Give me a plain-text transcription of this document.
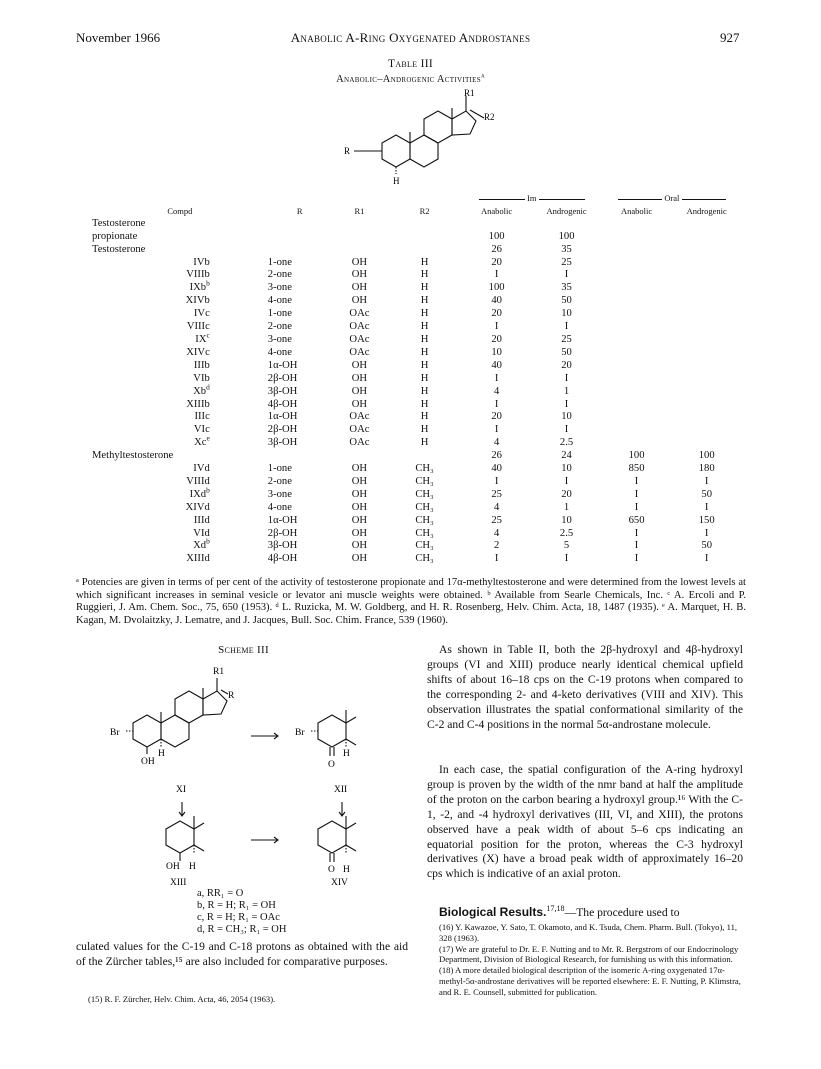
November 1966	Anabolic A-Ring Oxygenated Androstanes	927
Table III
Anabolic–Androgenic Activities$^a$
R1
R2
R
H
				Im		Oral	
Compd	R	R1	R2	Anabolic	Androgenic	Anabolic	Androgenic
Testosterone							
propionate				100	100		
Testosterone				26	35		
IVb	1-one	OH	H	20	25		
VIIIb	2-one	OH	H	I	I		
IXb$^b$	3-one	OH	H	100	35		
XIVb	4-one	OH	H	40	50		
IVc	1-one	OAc	H	20	10		
VIIIc	2-one	OAc	H	I	I		
$IX^c$	3-one	OAc	H	20	25		
XIVc	4-one	OAc	H	10	50		
IIIb	1α-OH	OH	H	40	20		
VIb	2β-OH	OH	H	I	I		
Xb$^d$	3β-OH	OH	H	4	1		
XIIIb	4β-OH	OH	H	I	I		
IIIc	1α-OH	OAc	H	20	10		
VIc	2β-OH	OAc	H	I	I		
Xc$^e$	3β-OH	OAc	H	4	2.5		
Methyltestosterone				26	24	100	100
IVd	1-one	OH	CH₃	40	10	850	180
VIIId	2-one	OH	CH₃	I	I	I	I
IXd$^b$	3-one	OH	CH₃	25	20	I	50
XIVd	4-one	OH	CH₃	4	1	I	I
IIId	1α-OH	OH	CH₃	25	10	650	150
VId	2β-OH	OH	CH₃	4	2.5	I	I
Xd$^b$	3β-OH	OH	CH₃	2	5	I	50
XIIId	4β-OH	OH	CH₃	I	I	I	I
ᵃ Potencies are given in terms of per cent of the activity of testosterone propionate and 17α-methyltestosterone and were determined from the lowest levels at which significant increases in seminal vesicle or levator ani muscle weights were obtained. ᵇ Available from Searle Chemicals, Inc. ᶜ A. Ercoli and P. Ruggieri, J. Am. Chem. Soc., 75, 650 (1953). ᵈ L. Ruzicka, M. W. Goldberg, and H. R. Rosenberg, Helv. Chim. Acta, 18, 1487 (1935). ᵉ A. Marquet, H. B. Kagan, M. Dvolaitzky, J. Lematre, and J. Jacques, Bull. Soc. Chim. France, 539 (1960).
Scheme III
R1
R
Br
OH
H
Br
O
H
OH H	O H
XI	XII
XIII	XIV
a, RR₁ = O
b, R = H; R₁ = OH
c, R = H; R₁ = OAc
d, R = CH₃; R₁ = OH
culated values for the C-19 and C-18 protons as obtained with the aid of the Zürcher tables,¹⁵ are also included for comparative purposes.
(15) R. F. Zürcher, Helv. Chim. Acta, 46, 2054 (1963).
As shown in Table II, both the 2β-hydroxyl and 4β-hydroxyl groups (VI and XIII) produce nearly identical chemical upfield shifts of about 16–18 cps on the C-19 protons when compared to the corresponding 2- and 4-keto derivatives (VIII and XIV). This observation illustrates the spatial conformational similarity of the C-2 and C-4 positions in the normal 5α-androstane molecule.
In each case, the spatial configuration of the A-ring hydroxyl group is proven by the width of the nmr band at half the amplitude of the proton on the carbon bearing a hydroxyl group.¹⁶ With the C-1, -2, and -4 hydroxyl derivatives (III, VI, and XIII), the protons observed have a peak width of about 5–6 cps indicating an equatorial position for the proton, whereas the C-3 hydroxyl derivatives (X) have a broad peak width of approximately 16–20 cps which is indicative of an axial proton.
Biological Results.$^{17,18}$—The procedure used to
(16) Y. Kawazoe, Y. Sato, T. Okamoto, and K. Tsuda, Chem. Pharm. Bull. (Tokyo), 11, 328 (1963).
(17) We are grateful to Dr. E. F. Nutting and to Mr. R. Bergstrom of our Endocrinology Department, Division of Biological Research, for furnishing us with this information.
(18) A more detailed biological description of the isomeric A-ring oxygenated 17α-methyl-5α-androstane derivatives will be reported elsewhere: E. F. Nutting, P. Klimstra, and R. E. Counsell, submitted for publication.
